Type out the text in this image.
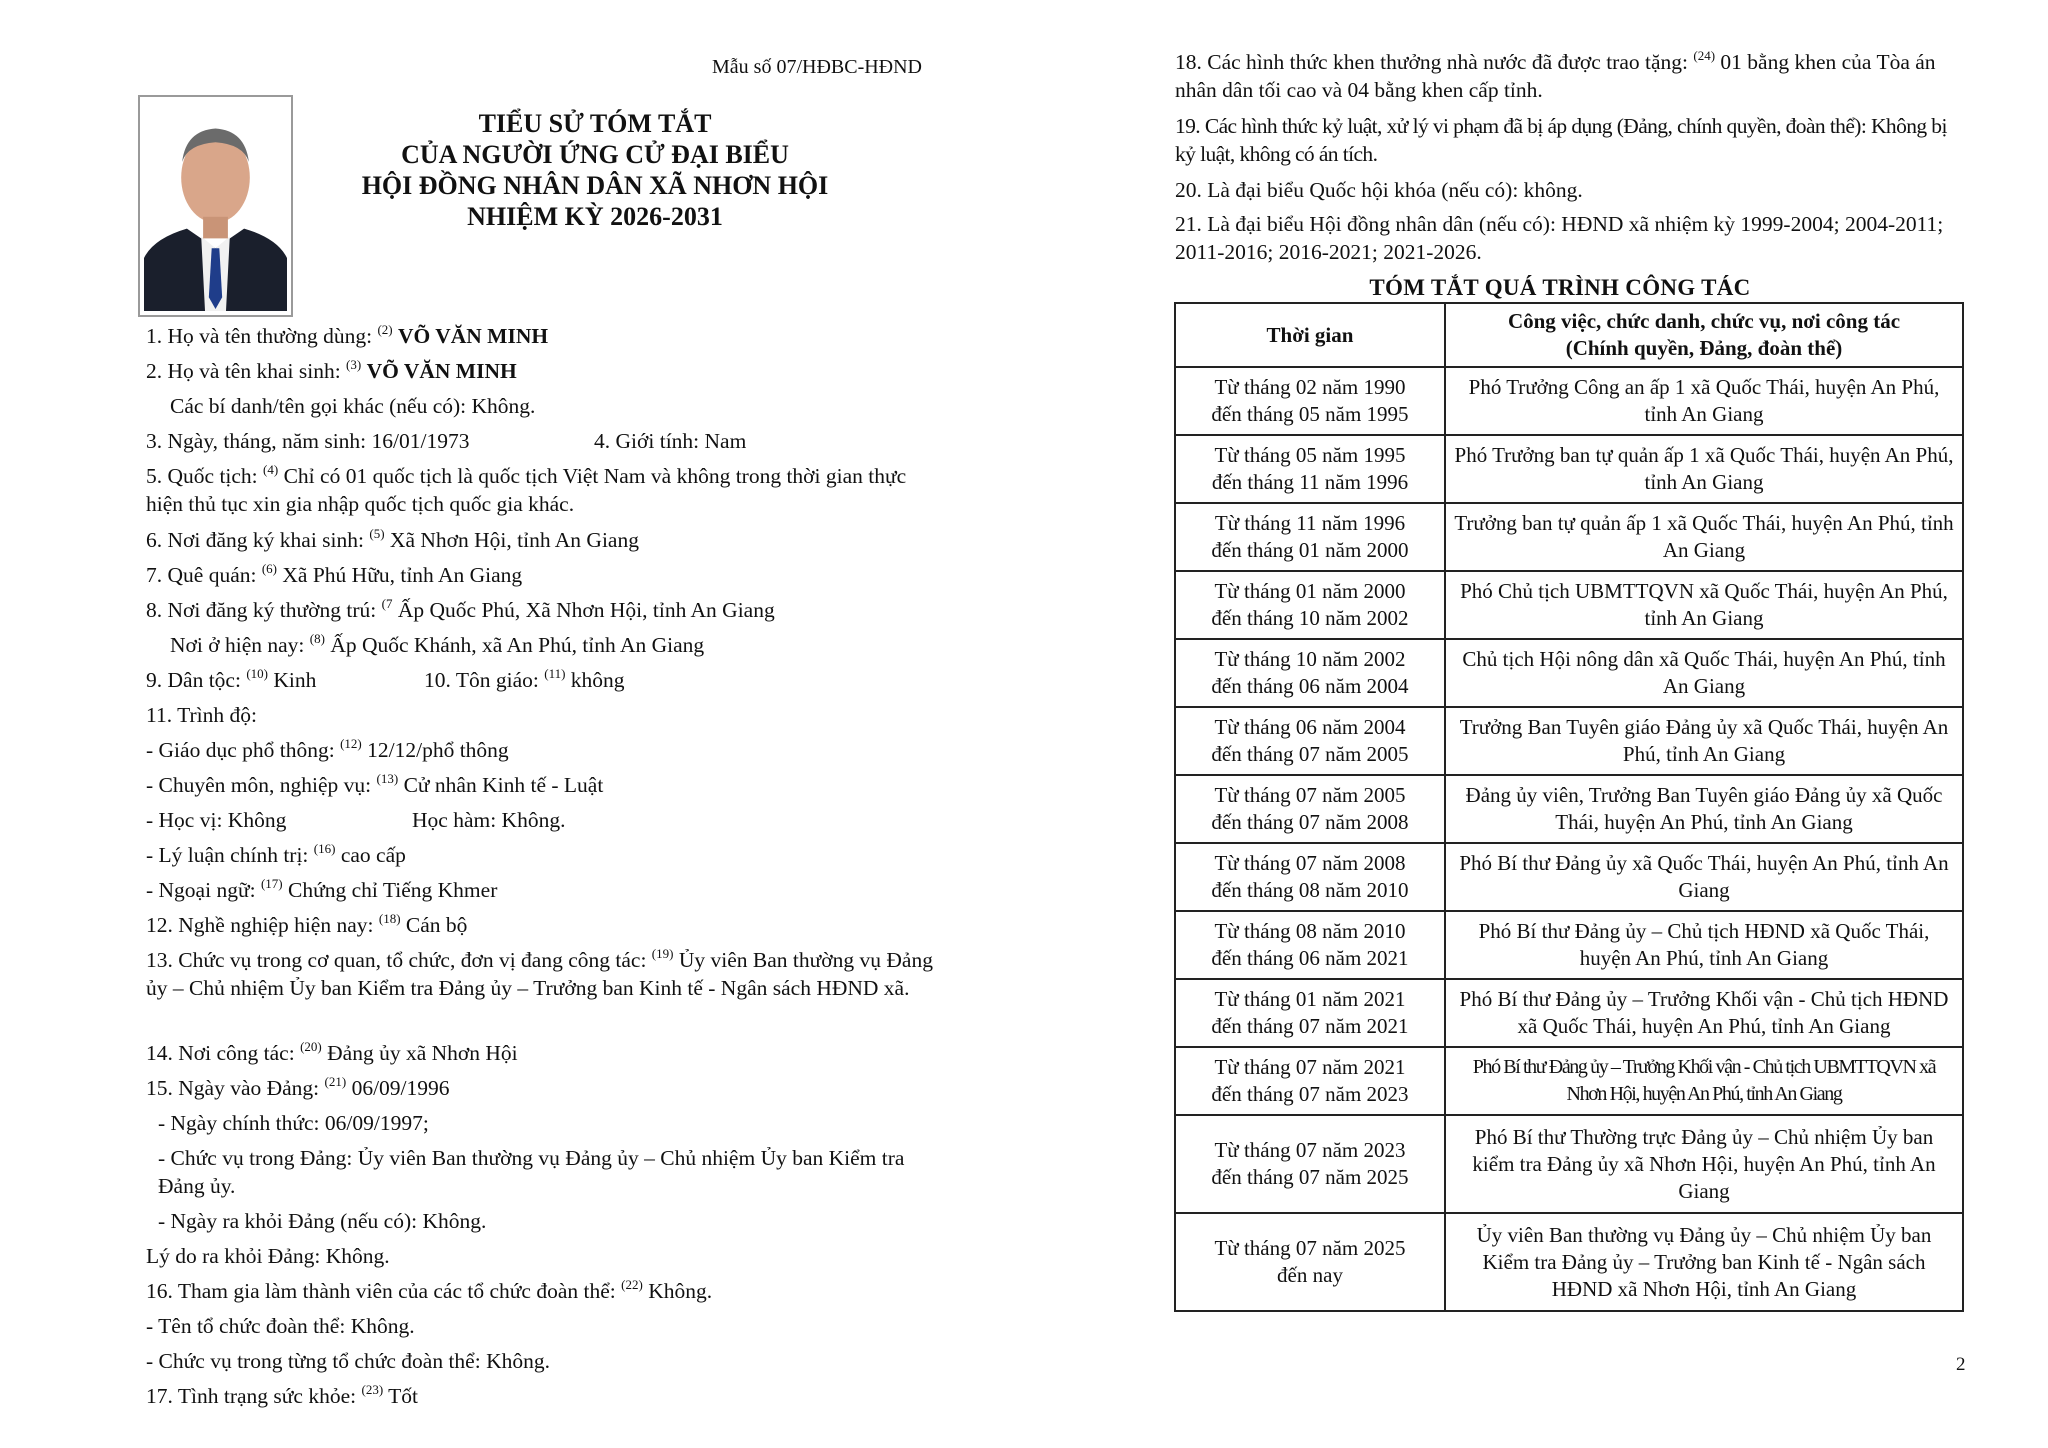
Mẫu số 07/HĐBC-HĐND
TIỂU SỬ TÓM TẮT
CỦA NGƯỜI ỨNG CỬ ĐẠI BIỂU
HỘI ĐỒNG NHÂN DÂN XÃ NHƠN HỘI
NHIỆM KỲ 2026-2031
1. Họ và tên thường dùng: $^{(2)}$ VÕ VĂN MINH
2. Họ và tên khai sinh: $^{(3)}$ VÕ VĂN MINH
Các bí danh/tên gọi khác (nếu có): Không.
3. Ngày, tháng, năm sinh: 16/01/1973	4. Giới tính: Nam
5. Quốc tịch: $^{(4)}$ Chỉ có 01 quốc tịch là quốc tịch Việt Nam và không trong thời gian thực hiện thủ tục xin gia nhập quốc tịch quốc gia khác.
6. Nơi đăng ký khai sinh: $^{(5)}$ Xã Nhơn Hội, tỉnh An Giang
7. Quê quán: $^{(6)}$ Xã Phú Hữu, tỉnh An Giang
8. Nơi đăng ký thường trú: $^{(7}$ Ấp Quốc Phú, Xã Nhơn Hội, tỉnh An Giang
Nơi ở hiện nay: $^{(8)}$ Ấp Quốc Khánh, xã An Phú, tỉnh An Giang
9. Dân tộc: $^{(10)}$ Kinh	10. Tôn giáo: $^{(11)}$ không
11. Trình độ:
- Giáo dục phổ thông: $^{(12)}$ 12/12/phổ thông
- Chuyên môn, nghiệp vụ: $^{(13)}$ Cử nhân Kinh tế - Luật
- Học vị: Không	Học hàm: Không.
- Lý luận chính trị: $^{(16)}$ cao cấp
- Ngoại ngữ: $^{(17)}$ Chứng chỉ Tiếng Khmer
12. Nghề nghiệp hiện nay: $^{(18)}$ Cán bộ
13. Chức vụ trong cơ quan, tổ chức, đơn vị đang công tác: $^{(19)}$ Ủy viên Ban thường vụ Đảng ủy – Chủ nhiệm Ủy ban Kiểm tra Đảng ủy – Trưởng ban Kinh tế - Ngân sách HĐND xã.
14. Nơi công tác: $^{(20)}$ Đảng ủy xã Nhơn Hội
15. Ngày vào Đảng: $^{(21)}$ 06/09/1996
- Ngày chính thức: 06/09/1997;
- Chức vụ trong Đảng: Ủy viên Ban thường vụ Đảng ủy – Chủ nhiệm Ủy ban Kiểm tra Đảng ủy.
- Ngày ra khỏi Đảng (nếu có): Không.
Lý do ra khỏi Đảng: Không.
16. Tham gia làm thành viên của các tổ chức đoàn thể: $^{(22)}$ Không.
- Tên tổ chức đoàn thể: Không.
- Chức vụ trong từng tổ chức đoàn thể: Không.
17. Tình trạng sức khỏe: $^{(23)}$ Tốt
18. Các hình thức khen thưởng nhà nước đã được trao tặng: $^{(24)}$ 01 bằng khen của Tòa án nhân dân tối cao và 04 bằng khen cấp tỉnh.
19. Các hình thức kỷ luật, xử lý vi phạm đã bị áp dụng (Đảng, chính quyền, đoàn thể): Không bị kỷ luật, không có án tích.
20. Là đại biểu Quốc hội khóa (nếu có): không.
21. Là đại biểu Hội đồng nhân dân (nếu có): HĐND xã nhiệm kỳ 1999-2004; 2004-2011; 2011-2016; 2016-2021; 2021-2026.
TÓM TẮT QUÁ TRÌNH CÔNG TÁC
Thời gian	Công việc, chức danh, chức vụ, nơi công tác
(Chính quyền, Đảng, đoàn thể)
Từ tháng 02 năm 1990
đến tháng 05 năm 1995	Phó Trưởng Công an ấp 1 xã Quốc Thái, huyện An Phú, tỉnh An Giang
Từ tháng 05 năm 1995
đến tháng 11 năm 1996	Phó Trưởng ban tự quản ấp 1 xã Quốc Thái, huyện An Phú, tỉnh An Giang
Từ tháng 11 năm 1996
đến tháng 01 năm 2000	Trưởng ban tự quản ấp 1 xã Quốc Thái, huyện An Phú, tỉnh An Giang
Từ tháng 01 năm 2000
đến tháng 10 năm 2002	Phó Chủ tịch UBMTTQVN xã Quốc Thái, huyện An Phú, tỉnh An Giang
Từ tháng 10 năm 2002
đến tháng 06 năm 2004	Chủ tịch Hội nông dân xã Quốc Thái, huyện An Phú, tỉnh An Giang
Từ tháng 06 năm 2004
đến tháng 07 năm 2005	Trưởng Ban Tuyên giáo Đảng ủy xã Quốc Thái, huyện An Phú, tỉnh An Giang
Từ tháng 07 năm 2005
đến tháng 07 năm 2008	Đảng ủy viên, Trưởng Ban Tuyên giáo Đảng ủy xã Quốc Thái, huyện An Phú, tỉnh An Giang
Từ tháng 07 năm 2008
đến tháng 08 năm 2010	Phó Bí thư Đảng ủy xã Quốc Thái, huyện An Phú, tỉnh An Giang
Từ tháng 08 năm 2010
đến tháng 06 năm 2021	Phó Bí thư Đảng ủy – Chủ tịch HĐND xã Quốc Thái, huyện An Phú, tỉnh An Giang
Từ tháng 01 năm 2021
đến tháng 07 năm 2021	Phó Bí thư Đảng ủy – Trưởng Khối vận - Chủ tịch HĐND xã Quốc Thái, huyện An Phú, tỉnh An Giang
Từ tháng 07 năm 2021
đến tháng 07 năm 2023	Phó Bí thư Đảng ủy – Trưởng Khối vận - Chủ tịch UBMTTQVN xã Nhơn Hội, huyện An Phú, tỉnh An Giang
Từ tháng 07 năm 2023
đến tháng 07 năm 2025	Phó Bí thư Thường trực Đảng ủy – Chủ nhiệm Ủy ban kiểm tra Đảng ủy xã Nhơn Hội, huyện An Phú, tỉnh An Giang
Từ tháng 07 năm 2025
đến nay	Ủy viên Ban thường vụ Đảng ủy – Chủ nhiệm Ủy ban Kiểm tra Đảng ủy – Trưởng ban Kinh tế - Ngân sách HĐND xã Nhơn Hội, tỉnh An Giang
2
